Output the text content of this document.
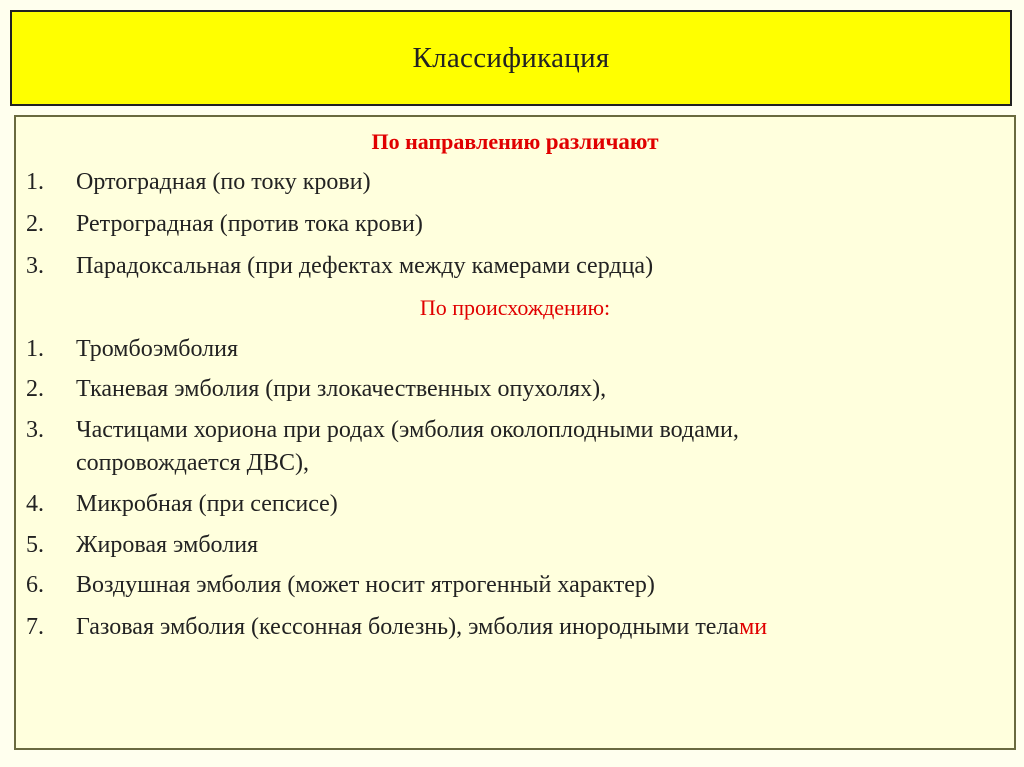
Классификация
По направлению различают
1.	Ортоградная (по току крови)
2.	Ретроградная (против тока крови)
3.	Парадоксальная (при дефектах между камерами сердца)
По происхождению:
1.	Тромбоэмболия
2.	Тканевая эмболия (при злокачественных опухолях),
3.	Частицами хориона при родах (эмболия околоплодными водами, сопровождается ДВС),
4.	Микробная (при сепсисе)
5.	Жировая эмболия
6.	Воздушная эмболия (может носит ятрогенный характер)
7.	Газовая эмболия (кессонная болезнь), эмболия инородными телами
